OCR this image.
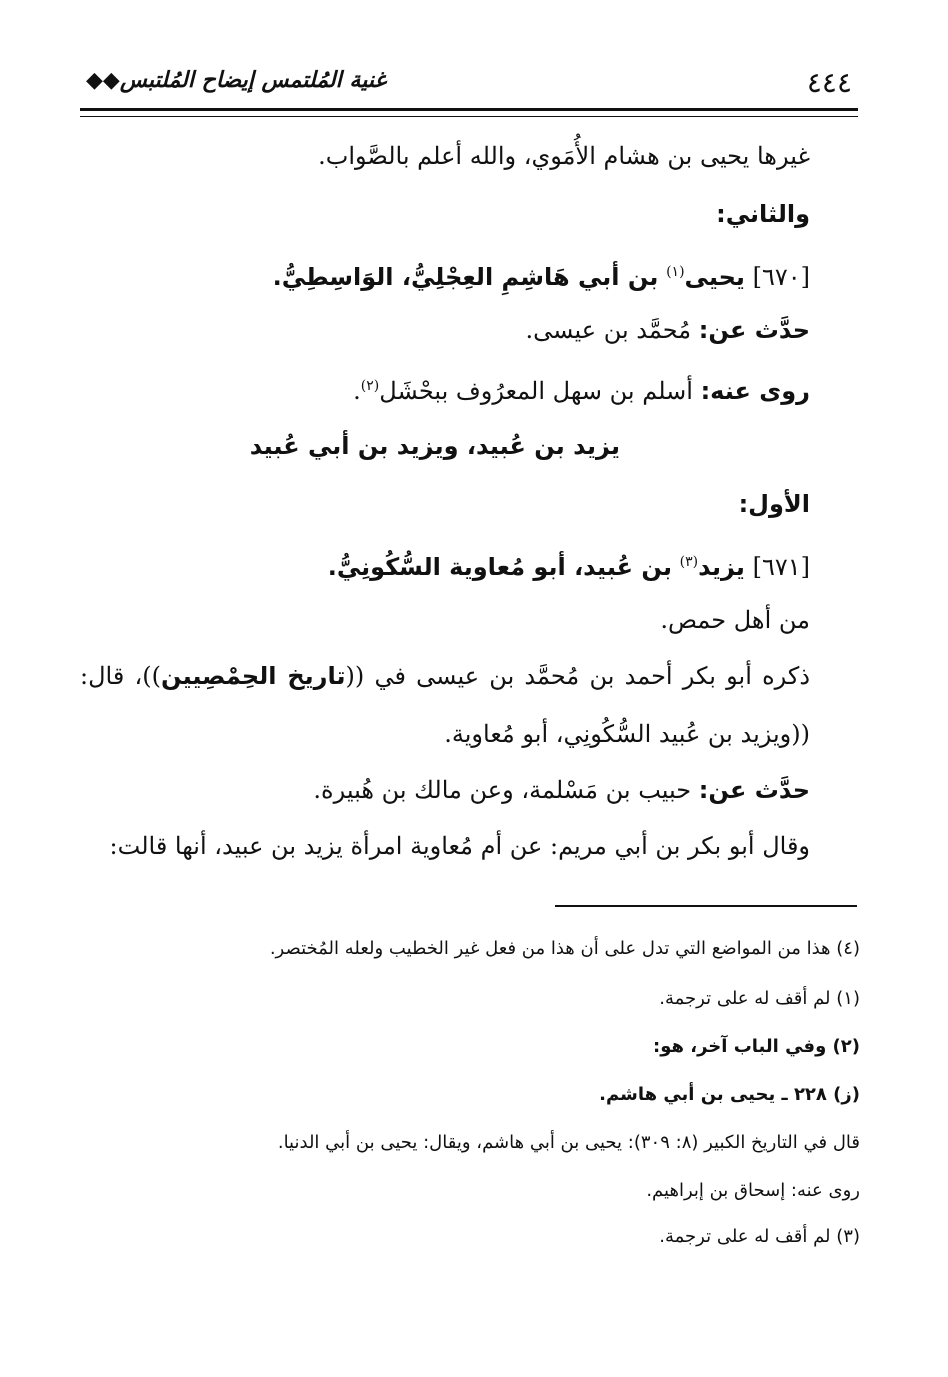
٤٤٤
غنية المُلتمس إيضاح المُلتبس◆◆
غيرها يحيى بن هشام الأُمَوي، والله أعلم بالصَّواب.
والثاني:
[٦٧٠] يحيى$^{(١)}$ بن أبي هَاشِمِ العِجْلِيُّ، الوَاسِطِيُّ.
حدَّث عن: مُحمَّد بن عيسى.
روى عنه: أسلم بن سهل المعرُوف ببحْشَل$^{(٢)}$.
يزيد بن عُبيد، ويزيد بن أبي عُبيد
الأول:
[٦٧١] يزيد$^{(٣)}$ بن عُبيد، أبو مُعاوية السُّكُونِيُّ.
من أهل حمص.
ذكره أبو بكر أحمد بن مُحمَّد بن عيسى في ((تاريخ الحِمْصِيين))، قال:
((ويزيد بن عُبيد السُّكُونِي، أبو مُعاوية.
حدَّث عن: حبيب بن مَسْلمة، وعن مالك بن هُبيرة.
وقال أبو بكر بن أبي مريم: عن أم مُعاوية امرأة يزيد بن عبيد، أنها قالت:
(٤) هذا من المواضع التي تدل على أن هذا من فعل غير الخطيب ولعله المُختصر.
(١) لم أقف له على ترجمة.
(٢) وفي الباب آخر، هو:
(ز) ٢٢٨ ـ يحيى بن أبي هاشم.
قال في التاريخ الكبير (٨: ٣٠٩): يحيى بن أبي هاشم، ويقال: يحيى بن أبي الدنيا.
روى عنه: إسحاق بن إبراهيم.
(٣) لم أقف له على ترجمة.
